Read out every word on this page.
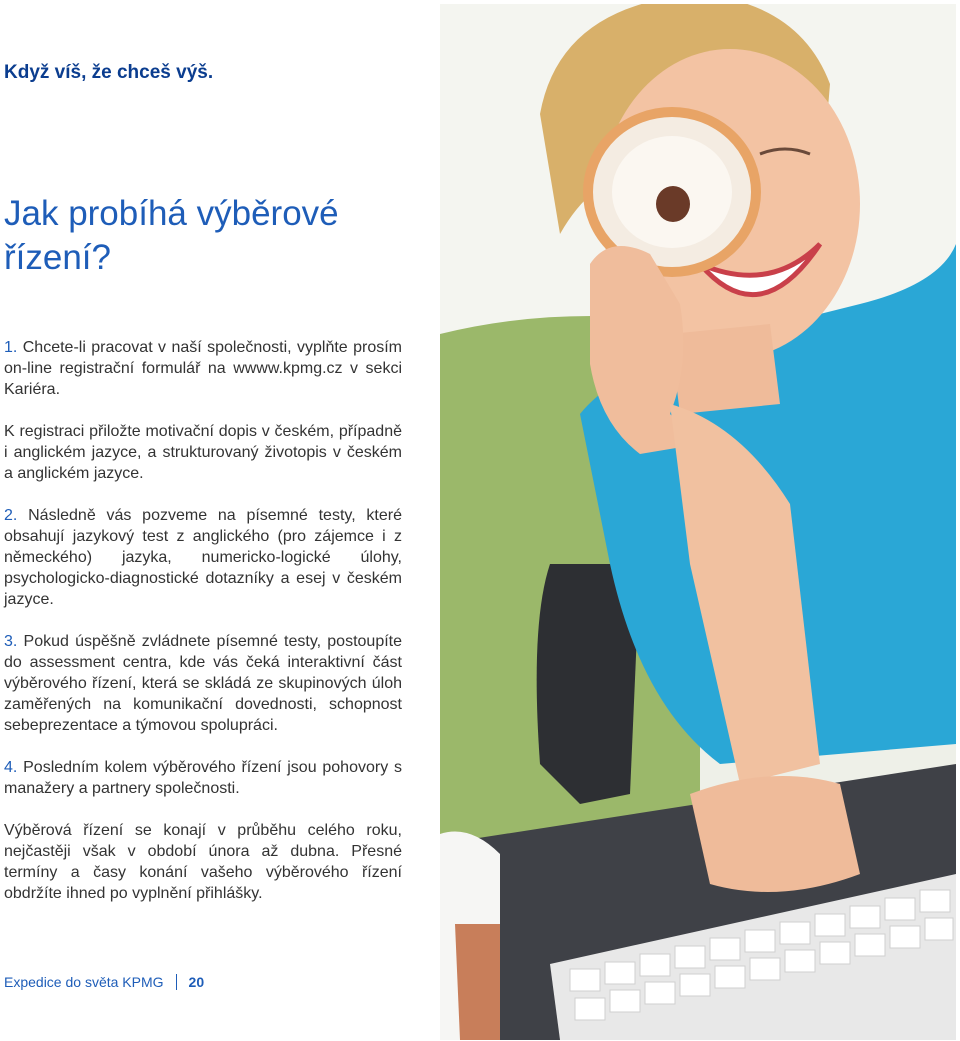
Když víš, že chceš výš.
Jak probíhá výběrové řízení?

1. Chcete-li pracovat v naší společnosti, vyplňte prosím on-line registrační formulář na wwww.kpmg.cz v sekci Kariéra.

K registraci přiložte motivační dopis v českém, případně i anglickém jazyce, a strukturovaný životopis v českém a anglickém jazyce.

2. Následně vás pozveme na písemné testy, které obsahují jazykový test z anglického (pro zájemce i z německého) jazyka, numericko-logické úlohy, psychologicko-diagnostické dotazníky a esej v českém jazyce.

3. Pokud úspěšně zvládnete písemné testy, postoupíte do assessment centra, kde vás čeká interaktivní část výběrového řízení, která se skládá ze skupinových úloh zaměřených na komunikační dovednosti, schopnost sebeprezentace a týmovou spolupráci.

4. Posledním kolem výběrového řízení jsou pohovory s manažery a partnery společnosti.

Výběrová řízení se konají v průběhu celého roku, nejčastěji však v období února až dubna. Přesné termíny a časy konání vašeho výběrového řízení obdržíte ihned po vyplnění přihlášky.

Expedice do světa KPMG 20
